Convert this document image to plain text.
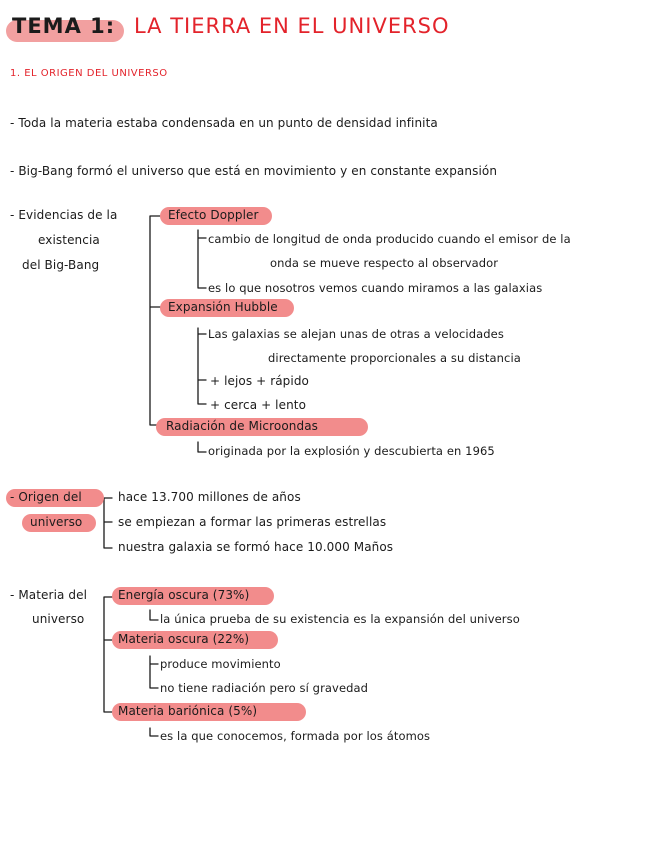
TEMA 1: LA TIERRA EN EL UNIVERSO
1. EL ORIGEN DEL UNIVERSO
- Toda la materia estaba condensada en un punto de densidad infinita
- Big-Bang formó el universo que está en movimiento y en constante expansión
- Evidencias de la
existencia
del Big-Bang
Efecto Doppler
cambio de longitud de onda producido cuando el emisor de la
onda se mueve respecto al observador
es lo que nosotros vemos cuando miramos a las galaxias
Expansión Hubble
Las galaxias se alejan unas de otras a velocidades
directamente proporcionales a su distancia
+ lejos + rápido
+ cerca + lento
Radiación de Microondas
originada por la explosión y descubierta en 1965
- Origen del
universo
hace 13.700 millones de años
se empiezan a formar las primeras estrellas
nuestra galaxia se formó hace 10.000 Maños
- Materia del
universo
Energía oscura (73%)
la única prueba de su existencia es la expansión del universo
Materia oscura (22%)
produce movimiento
no tiene radiación pero sí gravedad
Materia bariónica (5%)
es la que conocemos, formada por los átomos
